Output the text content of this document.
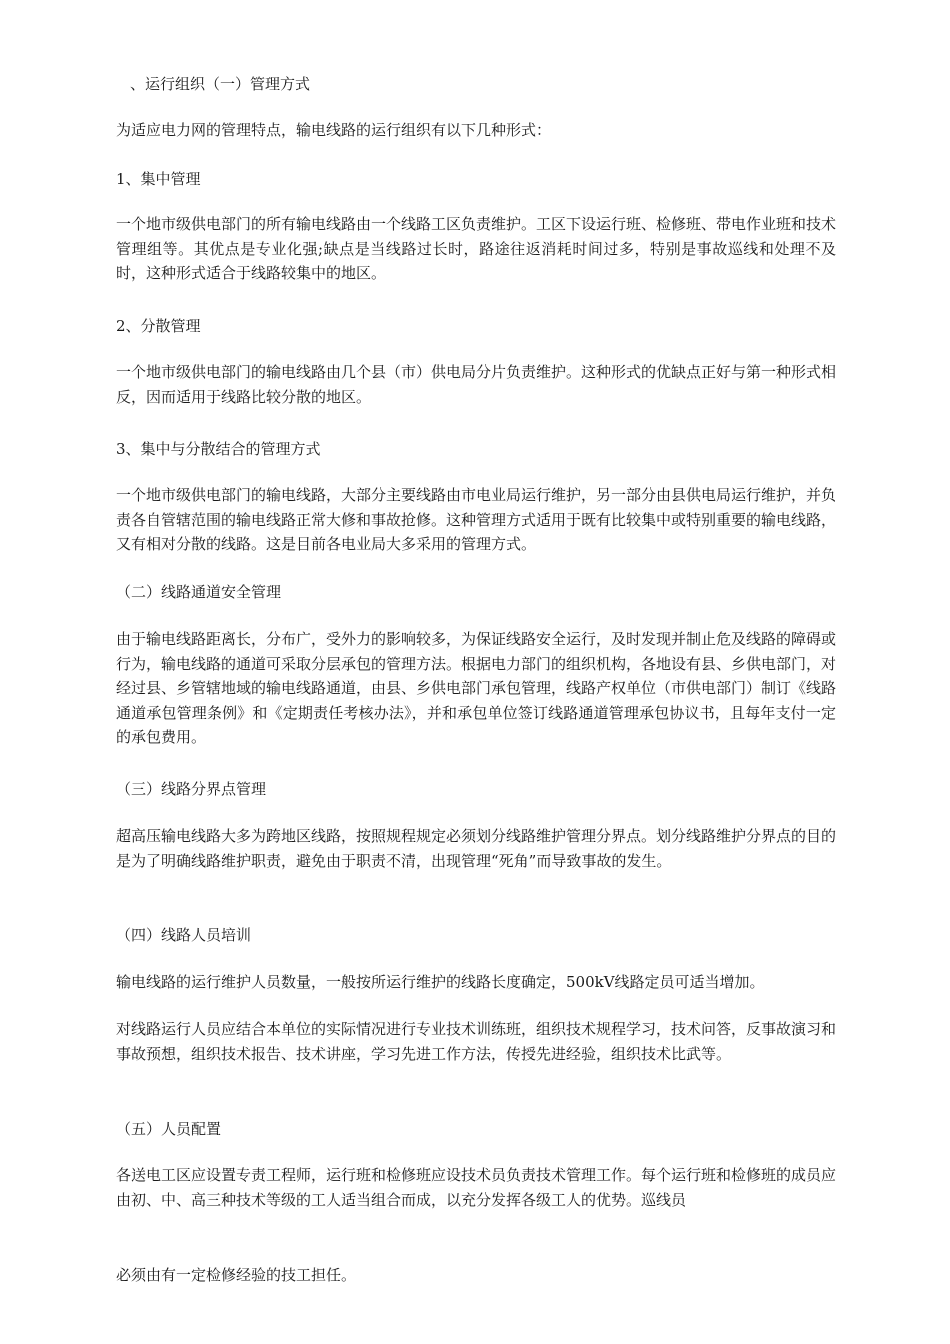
、运行组织（一）管理方式

为适应电力网的管理特点，输电线路的运行组织有以下几种形式：

1、集中管理

一个地市级供电部门的所有输电线路由一个线路工区负责维护。工区下设运行班、检修班、带电作业班和技术管理组等。其优点是专业化强;缺点是当线路过长时，路途往返消耗时间过多，特别是事故巡线和处理不及时，这种形式适合于线路较集中的地区。

2、分散管理

一个地市级供电部门的输电线路由几个县（市）供电局分片负责维护。这种形式的优缺点正好与第一种形式相反，因而适用于线路比较分散的地区。

3、集中与分散结合的管理方式

一个地市级供电部门的输电线路，大部分主要线路由市电业局运行维护，另一部分由县供电局运行维护，并负责各自管辖范围的输电线路正常大修和事故抢修。这种管理方式适用于既有比较集中或特别重要的输电线路，又有相对分散的线路。这是目前各电业局大多采用的管理方式。

（二）线路通道安全管理

由于输电线路距离长，分布广，受外力的影响较多，为保证线路安全运行，及时发现并制止危及线路的障碍或行为，输电线路的通道可采取分层承包的管理方法。根据电力部门的组织机构，各地设有县、乡供电部门，对经过县、乡管辖地域的输电线路通道，由县、乡供电部门承包管理，线路产权单位（市供电部门）制订《线路通道承包管理条例》和《定期责任考核办法》，并和承包单位签订线路通道管理承包协议书，且每年支付一定的承包费用。

（三）线路分界点管理

超高压输电线路大多为跨地区线路，按照规程规定必须划分线路维护管理分界点。划分线路维护分界点的目的是为了明确线路维护职责，避免由于职责不清，出现管理“死角”而导致事故的发生。

（四）线路人员培训

输电线路的运行维护人员数量，一般按所运行维护的线路长度确定，500kV线路定员可适当增加。

对线路运行人员应结合本单位的实际情况进行专业技术训练班，组织技术规程学习，技术问答，反事故演习和事故预想，组织技术报告、技术讲座，学习先进工作方法，传授先进经验，组织技术比武等。

（五）人员配置

各送电工区应设置专责工程师，运行班和检修班应设技术员负责技术管理工作。每个运行班和检修班的成员应由初、中、高三种技术等级的工人适当组合而成，以充分发挥各级工人的优势。巡线员

必须由有一定检修经验的技工担任。
